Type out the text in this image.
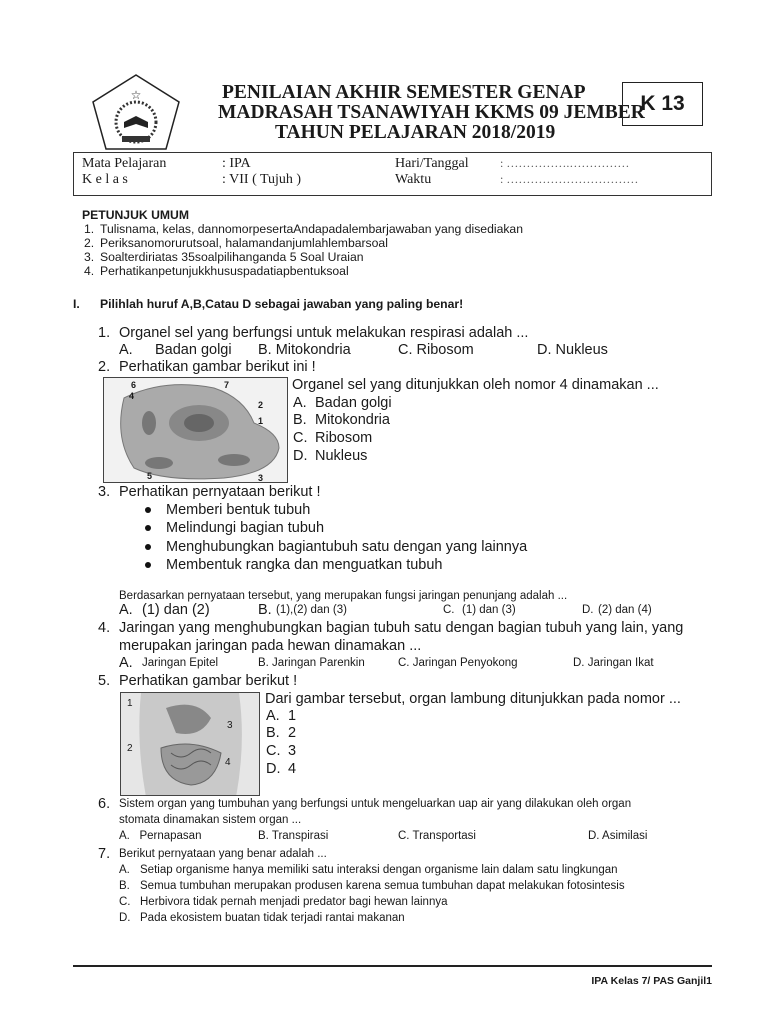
☆	PENILAIAN AKHIR SEMESTER GENAP
MADRASAH TSANAWIYAH KKMS 09 JEMBER
TAHUN PELAJARAN 2018/2019
K 13
Mata Pelajaran	: IPA	Hari/Tanggal	: …………….……………
K e l a s	: VII ( Tujuh )	Waktu	: ……………………………
PETUNJUK UMUM
1. Tulisnama, kelas, dannomorpesertaAndapadalembarjawaban yang disediakan
2. Periksanomorurutsoal, halamandanjumlahlembarsoal
3. Soalterdiriatas 35soalpilihanganda 5 Soal Uraian
4. Perhatikanpetunjukkhususpadatiapbentuksoal
I. Pilihlah huruf A,B,Catau D sebagai jawaban yang paling benar!
1. Organel sel yang berfungsi untuk melakukan respirasi adalah ...
A. Badan golgi B. Mitokondria	C. Ribosom	D. Nukleus
2. Perhatikan gambar berikut ini !
6	7
4
2
1
5	3
Organel sel yang ditunjukkan oleh nomor 4 dinamakan ...
A. Badan golgi
B. Mitokondria
C. Ribosom
D. Nukleus
3. Perhatikan pernyataan berikut !
Memberi bentuk tubuh
Melindungi bagian tubuh
Menghubungkan bagiantubuh satu dengan yang lainnya
Membentuk rangka dan menguatkan tubuh
Berdasarkan pernyataan tersebut, yang merupakan fungsi jaringan penunjang adalah ...
A. (1) dan (2)	B. (1),(2) dan (3)	C. (1) dan (3)	D. (2) dan (4)
4. Jaringan yang menghubungkan bagian tubuh satu dengan bagian tubuh yang lain, yang
merupakan jaringan pada hewan dinamakan ...
A. Jaringan Epitel	B. Jaringan Parenkin	C. Jaringan Penyokong	D. Jaringan Ikat
5. Perhatikan gambar berikut !
1
2
3
4
Dari gambar tersebut, organ lambung ditunjukkan pada nomor ...
A. 1
B. 2
C. 3
D. 4
6. Sistem organ yang tumbuhan yang berfungsi untuk mengeluarkan uap air yang dilakukan oleh organ
stomata dinamakan sistem organ ...
A.   Pernapasan	B. Transpirasi	C. Transportasi	D. Asimilasi
7. Berikut pernyataan yang benar adalah ...
A. Setiap organisme hanya memiliki satu interaksi dengan organisme lain dalam satu lingkungan
B. Semua tumbuhan merupakan produsen karena semua tumbuhan dapat melakukan fotosintesis
C. Herbivora tidak pernah menjadi predator bagi hewan lainnya
D. Pada ekosistem buatan tidak terjadi rantai makanan
IPA Kelas 7/ PAS Ganjil1
